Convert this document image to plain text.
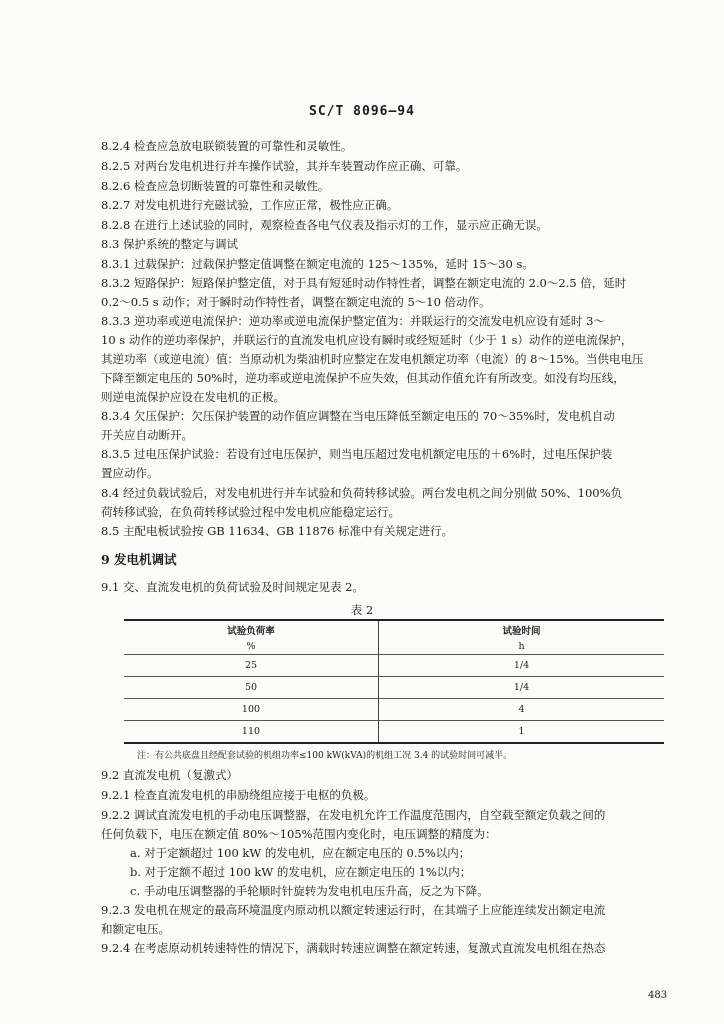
SC/T 8096—94
8.2.4 检查应急放电联锁装置的可靠性和灵敏性。
8.2.5 对两台发电机进行并车操作试验，其并车装置动作应正确、可靠。
8.2.6 检查应急切断装置的可靠性和灵敏性。
8.2.7 对发电机进行充磁试验，工作应正常，极性应正确。
8.2.8 在进行上述试验的同时，观察检查各电气仪表及指示灯的工作，显示应正确无误。
8.3 保护系统的整定与调试
8.3.1 过载保护：过载保护整定值调整在额定电流的 125～135%，延时 15～30 s。
8.3.2 短路保护：短路保护整定值，对于具有短延时动作特性者，调整在额定电流的 2.0～2.5 倍，延时
0.2～0.5 s 动作；对于瞬时动作特性者，调整在额定电流的 5～10 倍动作。
8.3.3 逆功率或逆电流保护：逆功率或逆电流保护整定值为：并联运行的交流发电机应设有延时 3～
10 s 动作的逆功率保护，并联运行的直流发电机应设有瞬时或经短延时（少于 1 s）动作的逆电流保护，
其逆功率（或逆电流）值：当原动机为柴油机时应整定在发电机额定功率（电流）的 8～15%。当供电电压
下降至额定电压的 50%时，逆功率或逆电流保护不应失效，但其动作值允许有所改变。如没有均压线，
则逆电流保护应设在发电机的正极。
8.3.4 欠压保护：欠压保护装置的动作值应调整在当电压降低至额定电压的 70～35%时，发电机自动
开关应自动断开。
8.3.5 过电压保护试验：若设有过电压保护，则当电压超过发电机额定电压的＋6%时，过电压保护装
置应动作。
8.4 经过负载试验后，对发电机进行并车试验和负荷转移试验。两台发电机之间分别做 50%、100%负
荷转移试验，在负荷转移试验过程中发电机应能稳定运行。
8.5 主配电板试验按 GB 11634、GB 11876 标准中有关规定进行。
9 发电机调试
9.1 交、直流发电机的负荷试验及时间规定见表 2。
表 2
试验负荷率	试验时间
%	h
25	1/4
50	1/4
100	4
110	1
注：有公共底盘且经配套试验的机组功率≤100 kW(kVA)的机组工况 3.4 的试验时间可减半。
9.2 直流发电机（复激式）
9.2.1 检查直流发电机的串励绕组应接于电枢的负极。
9.2.2 调试直流发电机的手动电压调整器，在发电机允许工作温度范围内，自空载至额定负载之间的
任何负载下，电压在额定值 80%～105%范围内变化时，电压调整的精度为：
a. 对于定额超过 100 kW 的发电机，应在额定电压的 0.5%以内；
b. 对于定额不超过 100 kW 的发电机，应在额定电压的 1%以内；
c. 手动电压调整器的手轮顺时针旋转为发电机电压升高，反之为下降。
9.2.3 发电机在规定的最高环境温度内原动机以额定转速运行时，在其端子上应能连续发出额定电流
和额定电压。
9.2.4 在考虑原动机转速特性的情况下，满载时转速应调整在额定转速，复激式直流发电机组在热态
483
